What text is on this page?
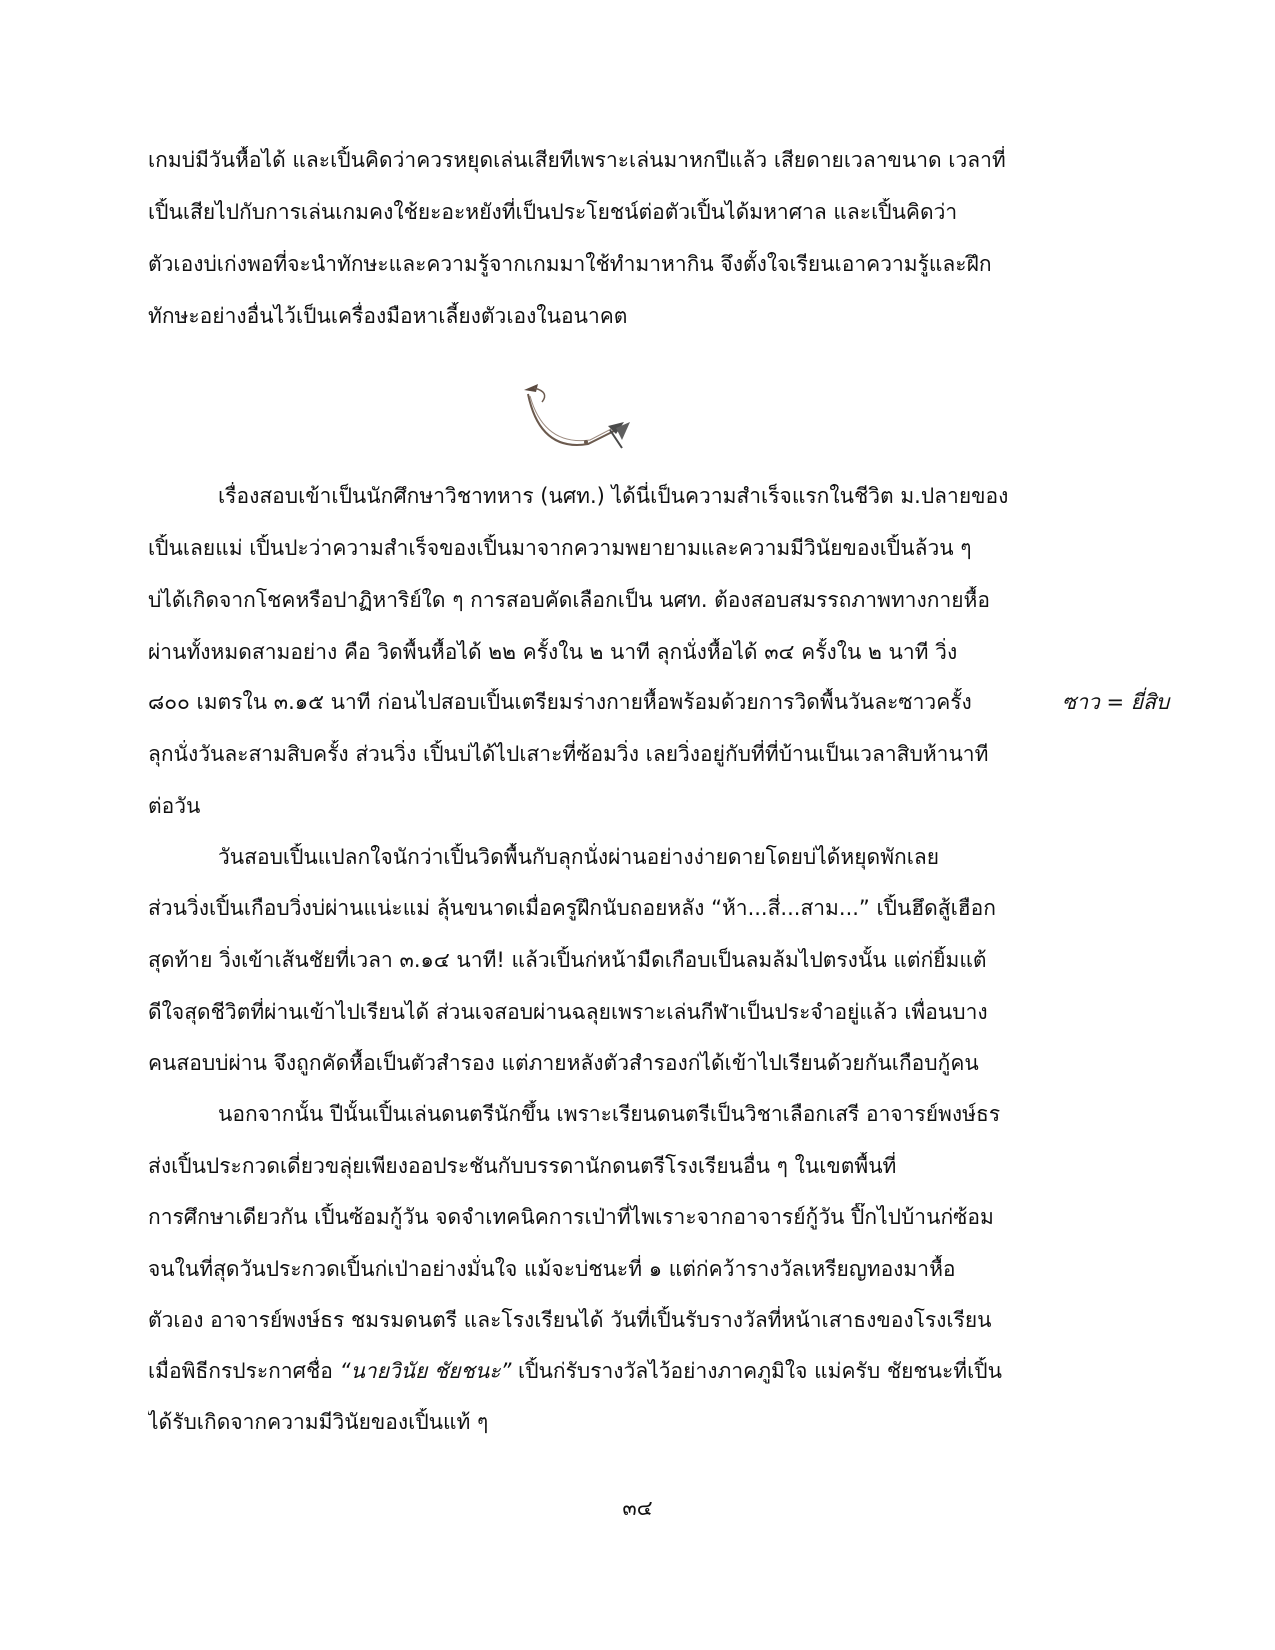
เกมบ่มีวันหื้อได้ และเปิ้นคิดว่าควรหยุดเล่นเสียทีเพราะเล่นมาหกปีแล้ว เสียดายเวลาขนาด เวลาที่
เปิ้นเสียไปกับการเล่นเกมคงใช้ยะอะหยังที่เป็นประโยชน์ต่อตัวเปิ้นได้มหาศาล และเปิ้นคิดว่า
ตัวเองบ่เก่งพอที่จะนำทักษะและความรู้จากเกมมาใช้ทำมาหากิน จึงตั้งใจเรียนเอาความรู้และฝึก
ทักษะอย่างอื่นไว้เป็นเครื่องมือหาเลี้ยงตัวเองในอนาคต
เรื่องสอบเข้าเป็นนักศึกษาวิชาทหาร (นศท.) ได้นี่เป็นความสำเร็จแรกในชีวิต ม.ปลายของ
เปิ้นเลยแม่ เปิ้นปะว่าความสำเร็จของเปิ้นมาจากความพยายามและความมีวินัยของเปิ้นล้วน ๆ
บ่ได้เกิดจากโชคหรือปาฏิหาริย์ใด ๆ การสอบคัดเลือกเป็น นศท. ต้องสอบสมรรถภาพทางกายหื้อ
ผ่านทั้งหมดสามอย่าง คือ วิดพื้นหื้อได้ ๒๒ ครั้งใน ๒ นาที ลุกนั่งหื้อได้ ๓๔ ครั้งใน ๒ นาที วิ่ง
๘๐๐ เมตรใน ๓.๑๕ นาที ก่อนไปสอบเปิ้นเตรียมร่างกายหื้อพร้อมด้วยการวิดพื้นวันละซาวครั้ง
ลุกนั่งวันละสามสิบครั้ง ส่วนวิ่ง เปิ้นบ่ได้ไปเสาะที่ซ้อมวิ่ง เลยวิ่งอยู่กับที่ที่บ้านเป็นเวลาสิบห้านาที
ต่อวัน
ซาว = ยี่สิบ
วันสอบเปิ้นแปลกใจนักว่าเปิ้นวิดพื้นกับลุกนั่งผ่านอย่างง่ายดายโดยบ่ได้หยุดพักเลย
ส่วนวิ่งเปิ้นเกือบวิ่งบ่ผ่านแน่ะแม่ ลุ้นขนาดเมื่อครูฝึกนับถอยหลัง “ห้า...สี่...สาม...” เปิ้นฮึดสู้เฮือก
สุดท้าย วิ่งเข้าเส้นชัยที่เวลา ๓.๑๔ นาที! แล้วเปิ้นก่หน้ามืดเกือบเป็นลมล้มไปตรงนั้น แต่ก่ยิ้มแต้
ดีใจสุดชีวิตที่ผ่านเข้าไปเรียนได้ ส่วนเจสอบผ่านฉลุยเพราะเล่นกีฬาเป็นประจำอยู่แล้ว เพื่อนบาง
คนสอบบ่ผ่าน จึงถูกคัดหื้อเป็นตัวสำรอง แต่ภายหลังตัวสำรองก่ได้เข้าไปเรียนด้วยกันเกือบกู้คน
นอกจากนั้น ปีนั้นเปิ้นเล่นดนตรีนักขึ้น เพราะเรียนดนตรีเป็นวิชาเลือกเสรี อาจารย์พงษ์ธร
ส่งเปิ้นประกวดเดี่ยวขลุ่ยเพียงออประชันกับบรรดานักดนตรีโรงเรียนอื่น ๆ ในเขตพื้นที่
การศึกษาเดียวกัน เปิ้นซ้อมกู้วัน จดจำเทคนิคการเป่าที่ไพเราะจากอาจารย์กู้วัน ปิ๊กไปบ้านก่ซ้อม
จนในที่สุดวันประกวดเปิ้นก่เป่าอย่างมั่นใจ แม้จะบ่ชนะที่ ๑ แต่ก่คว้ารางวัลเหรียญทองมาหื้อ
ตัวเอง อาจารย์พงษ์ธร ชมรมดนตรี และโรงเรียนได้ วันที่เปิ้นรับรางวัลที่หน้าเสาธงของโรงเรียน
เมื่อพิธีกรประกาศชื่อ “นายวินัย ชัยชนะ” เปิ้นก่รับรางวัลไว้อย่างภาคภูมิใจ แม่ครับ ชัยชนะที่เปิ้น
ได้รับเกิดจากความมีวินัยของเปิ้นแท้ ๆ
๓๔
